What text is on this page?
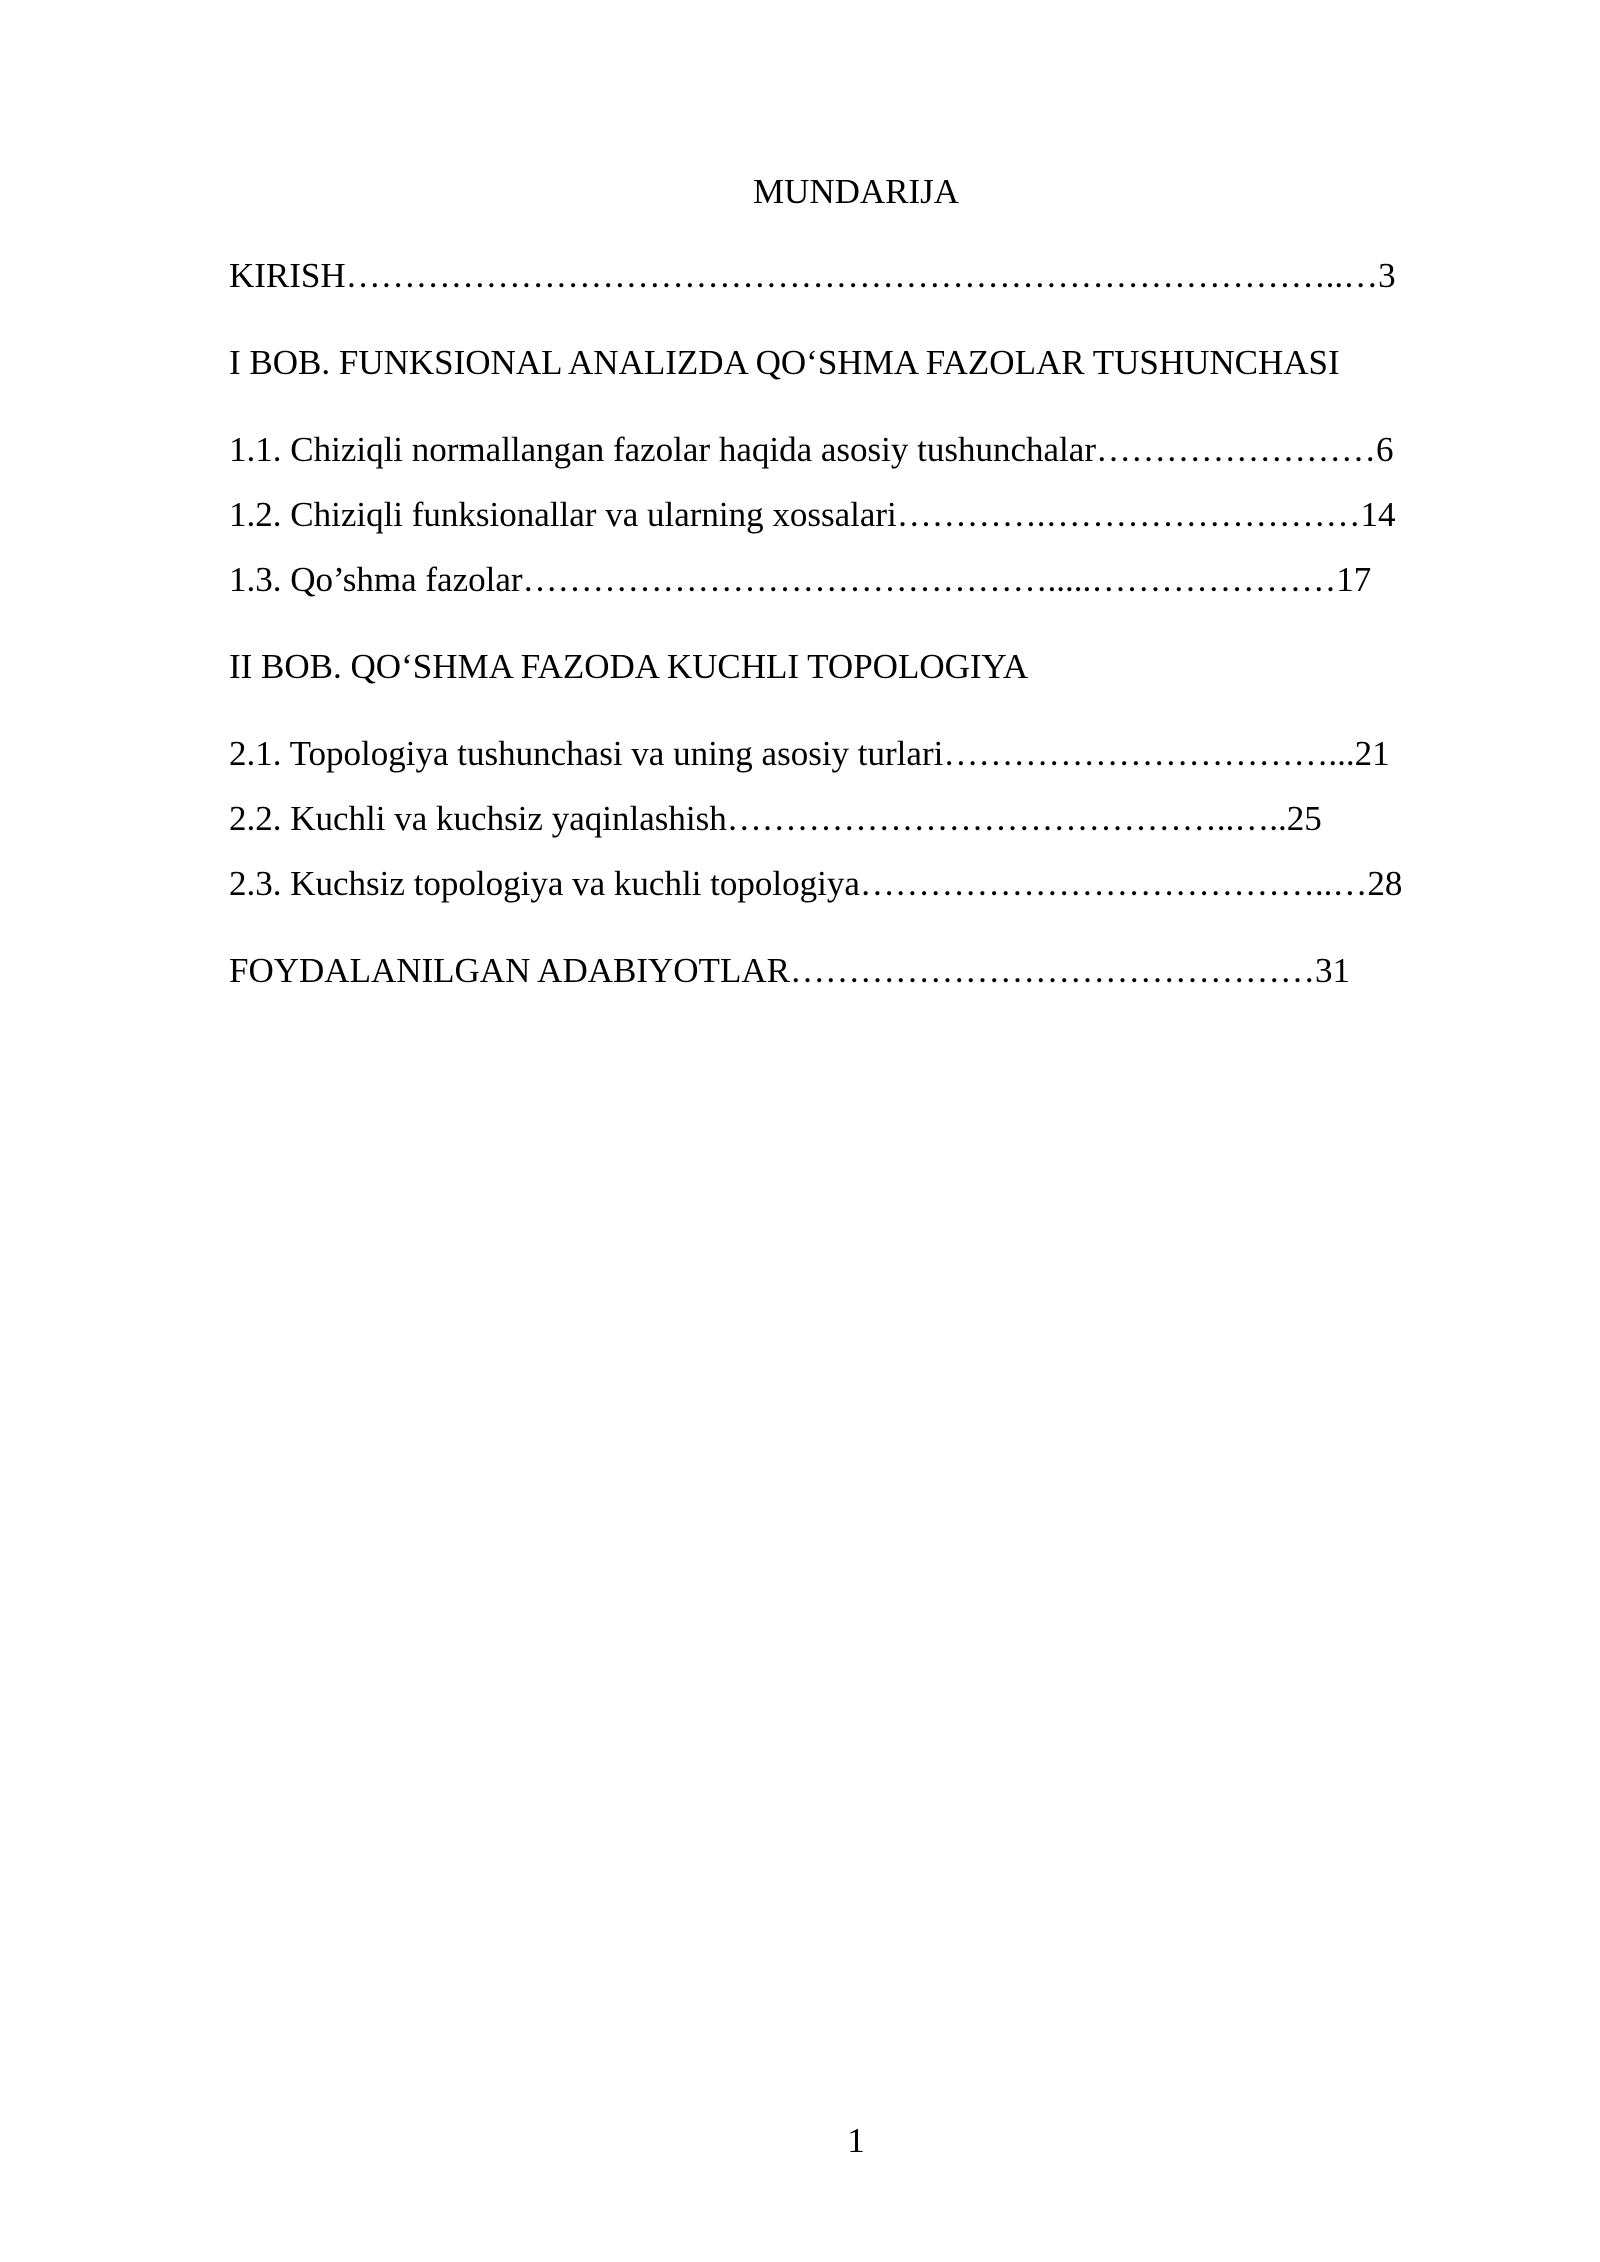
MUNDARIJA
KIRISH…………………………………………………………………………..…3
I BOB. FUNKSIONAL ANALIZDA QO‘SHMA FAZOLAR TUSHUNCHASI
1.1. Chiziqli normallangan fazolar haqida asosiy tushunchalar……………………6
1.2. Chiziqli funksionallar va ularning xossalari………….………………………14
1.3. Qo’shma fazolar……………………………………….....…………………17
II BOB. QO‘SHMA FAZODA KUCHLI TOPOLOGIYA
2.1. Topologiya tushunchasi va uning asosiy turlari……………………………...21
2.2. Kuchli va kuchsiz yaqinlashish……………………………………..…..25
2.3. Kuchsiz topologiya va kuchli topologiya…………………………………..…28
FOYDALANILGAN ADABIYOTLAR………………………………………31
1
